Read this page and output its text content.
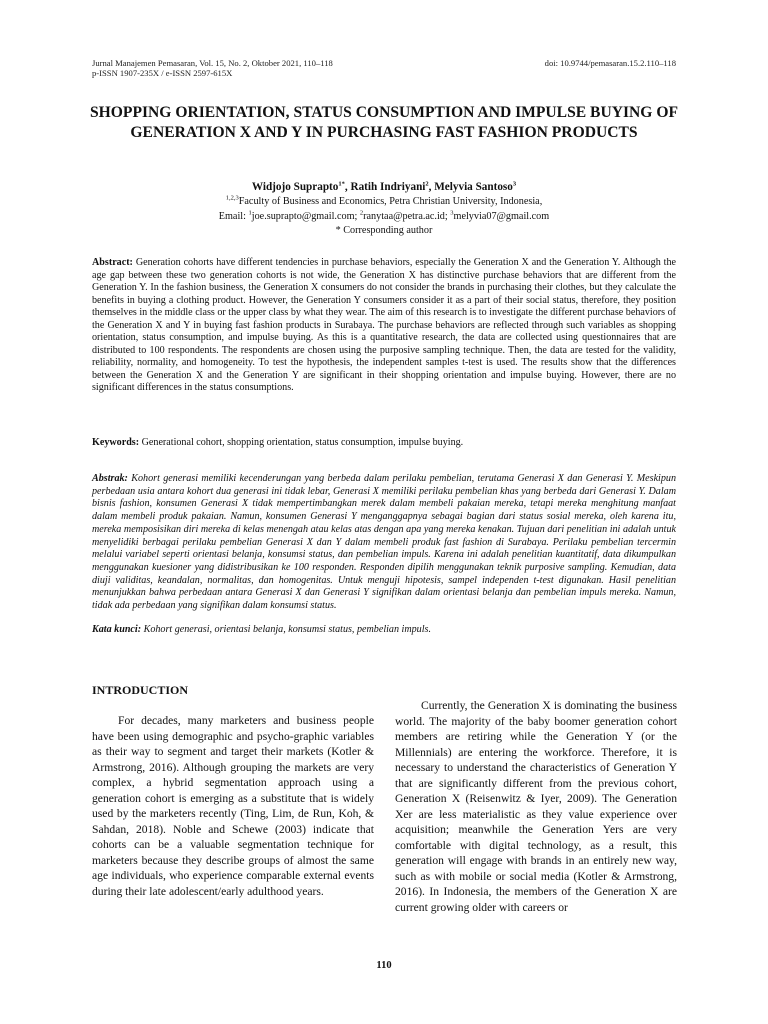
Jurnal Manajemen Pemasaran, Vol. 15, No. 2, Oktober 2021, 110–118
p-ISSN 1907-235X / e-ISSN 2597-615X
doi: 10.9744/pemasaran.15.2.110–118
SHOPPING ORIENTATION, STATUS CONSUMPTION AND IMPULSE BUYING OF GENERATION X AND Y IN PURCHASING FAST FASHION PRODUCTS
Widjojo Suprapto$^{1*}$, Ratih Indriyani$^2$, Melyvia Santoso$^3$
$^{1,2,3}$Faculty of Business and Economics, Petra Christian University, Indonesia,
Email: $^1$joe.suprapto@gmail.com; $^2$ranytaa@petra.ac.id; $^3$melyvia07@gmail.com
* Corresponding author

Abstract: Generation cohorts have different tendencies in purchase behaviors, especially the Generation X and the Generation Y. Although the age gap between these two generation cohorts is not wide, the Generation X has distinctive purchase behaviors that are different from the Generation Y. In the fashion business, the Generation X consumers do not consider the brands in purchasing their clothes, but they calculate the benefits in buying a clothing product. However, the Generation Y consumers consider it as a part of their social status, therefore, they position themselves in the middle class or the upper class by what they wear. The aim of this research is to investigate the different purchase behaviors of the Generation X and Y in buying fast fashion products in Surabaya. The purchase behaviors are reflected through such variables as shopping orientation, status consumption, and impulse buying. As this is a quantitative research, the data are collected using questionnaires that are distributed to 100 respondents. The respondents are chosen using the purposive sampling technique. Then, the data are tested for the validity, reliability, normality, and homogeneity. To test the hypothesis, the independent samples t-test is used. The results show that the differences between the Generation X and the Generation Y are significant in their shopping orientation and impulse buying. However, there are no significant differences in the status consumptions.

Keywords: Generational cohort, shopping orientation, status consumption, impulse buying.

Abstrak: Kohort generasi memiliki kecenderungan yang berbeda dalam perilaku pembelian, terutama Generasi X dan Generasi Y. Meskipun perbedaan usia antara kohort dua generasi ini tidak lebar, Generasi X memiliki perilaku pembelian khas yang berbeda dari Generasi Y. Dalam bisnis fashion, konsumen Generasi X tidak mempertimbangkan merek dalam membeli pakaian mereka, tetapi mereka menghitung manfaat dalam membeli produk pakaian. Namun, konsumen Generasi Y menganggapnya sebagai bagian dari status sosial mereka, oleh karena itu, mereka memposisikan diri mereka di kelas menengah atau kelas atas dengan apa yang mereka kenakan. Tujuan dari penelitian ini adalah untuk menyelidiki berbagai perilaku pembelian Generasi X dan Y dalam membeli produk fast fashion di Surabaya. Perilaku pembelian tercermin melalui variabel seperti orientasi belanja, konsumsi status, dan pembelian impuls. Karena ini adalah penelitian kuantitatif, data dikumpulkan menggunakan kuesioner yang didistribusikan ke 100 responden. Responden dipilih menggunakan teknik purposive sampling. Kemudian, data diuji validitas, keandalan, normalitas, dan homogenitas. Untuk menguji hipotesis, sampel independen t-test digunakan. Hasil penelitian menunjukkan bahwa perbedaan antara Generasi X dan Generasi Y signifikan dalam orientasi belanja dan pembelian impuls mereka. Namun, tidak ada perbedaan yang signifikan dalam konsumsi status.

Kata kunci: Kohort generasi, orientasi belanja, konsumsi status, pembelian impuls.

INTRODUCTION

For decades, many marketers and business people have been using demographic and psycho-graphic variables as their way to segment and target their markets (Kotler & Armstrong, 2016). Although grouping the markets are very complex, a hybrid segmentation approach using a generation cohort is emerging as a substitute that is widely used by the marketers recently (Ting, Lim, de Run, Koh, & Sahdan, 2018). Noble and Schewe (2003) indicate that cohorts can be a valuable segmentation technique for marketers because they describe groups of almost the same age individuals, who experience comparable external events during their late adolescent/early adulthood years.

Currently, the Generation X is dominating the business world. The majority of the baby boomer generation cohort members are retiring while the Generation Y (or the Millennials) are entering the workforce. Therefore, it is necessary to understand the characteristics of Generation Y that are significantly different from the previous cohort, Generation X (Reisenwitz & Iyer, 2009). The Generation Xer are less materialistic as they value experience over acquisition; meanwhile the Generation Yers are very comfortable with digital technology, as a result, this generation will engage with brands in an entirely new way, such as with mobile or social media (Kotler & Armstrong, 2016). In Indonesia, the members of the Generation X are current growing older with careers or

110
